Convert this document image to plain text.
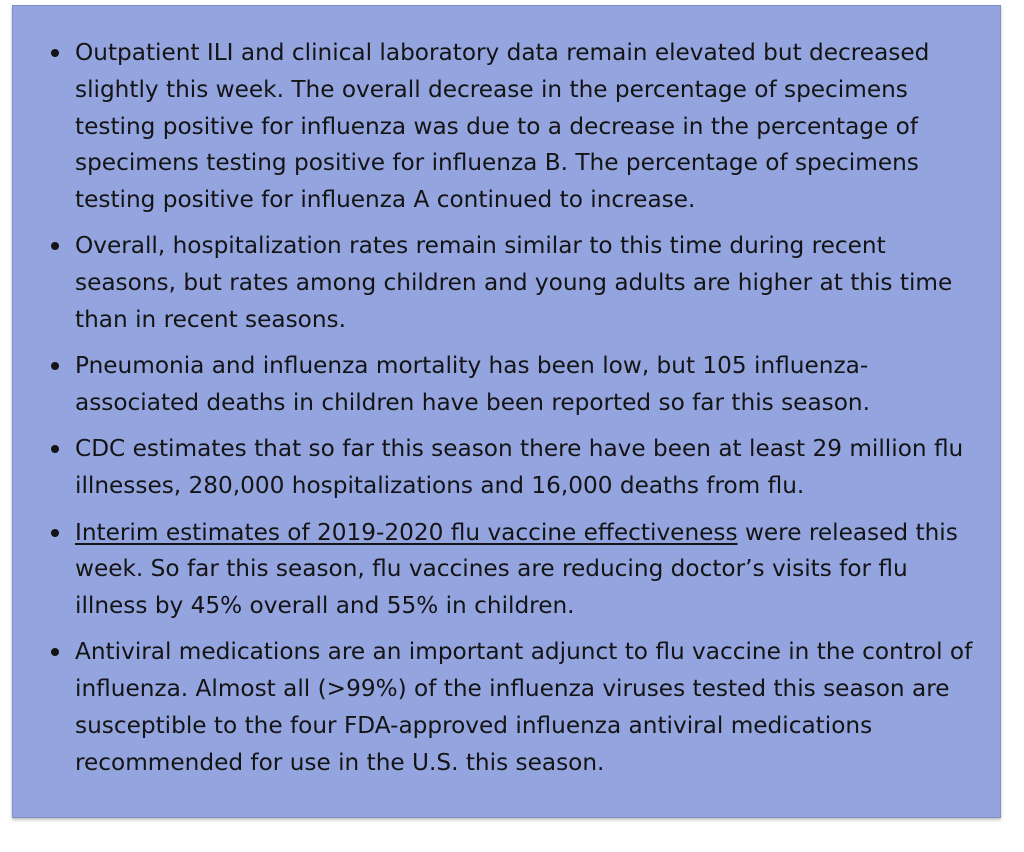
Outpatient ILI and clinical laboratory data remain elevated but decreased slightly this week. The overall decrease in the percentage of specimens testing positive for influenza was due to a decrease in the percentage of specimens testing positive for influenza B. The percentage of specimens testing positive for influenza A continued to increase.
Overall, hospitalization rates remain similar to this time during recent seasons, but rates among children and young adults are higher at this time than in recent seasons.
Pneumonia and influenza mortality has been low, but 105 influenza-associated deaths in children have been reported so far this season.
CDC estimates that so far this season there have been at least 29 million flu illnesses, 280,000 hospitalizations and 16,000 deaths from flu.
Interim estimates of 2019-2020 flu vaccine effectiveness were released this week. So far this season, flu vaccines are reducing doctor’s visits for flu illness by 45% overall and 55% in children.
Antiviral medications are an important adjunct to flu vaccine in the control of influenza. Almost all (>99%) of the influenza viruses tested this season are susceptible to the four FDA-approved influenza antiviral medications recommended for use in the U.S. this season.
